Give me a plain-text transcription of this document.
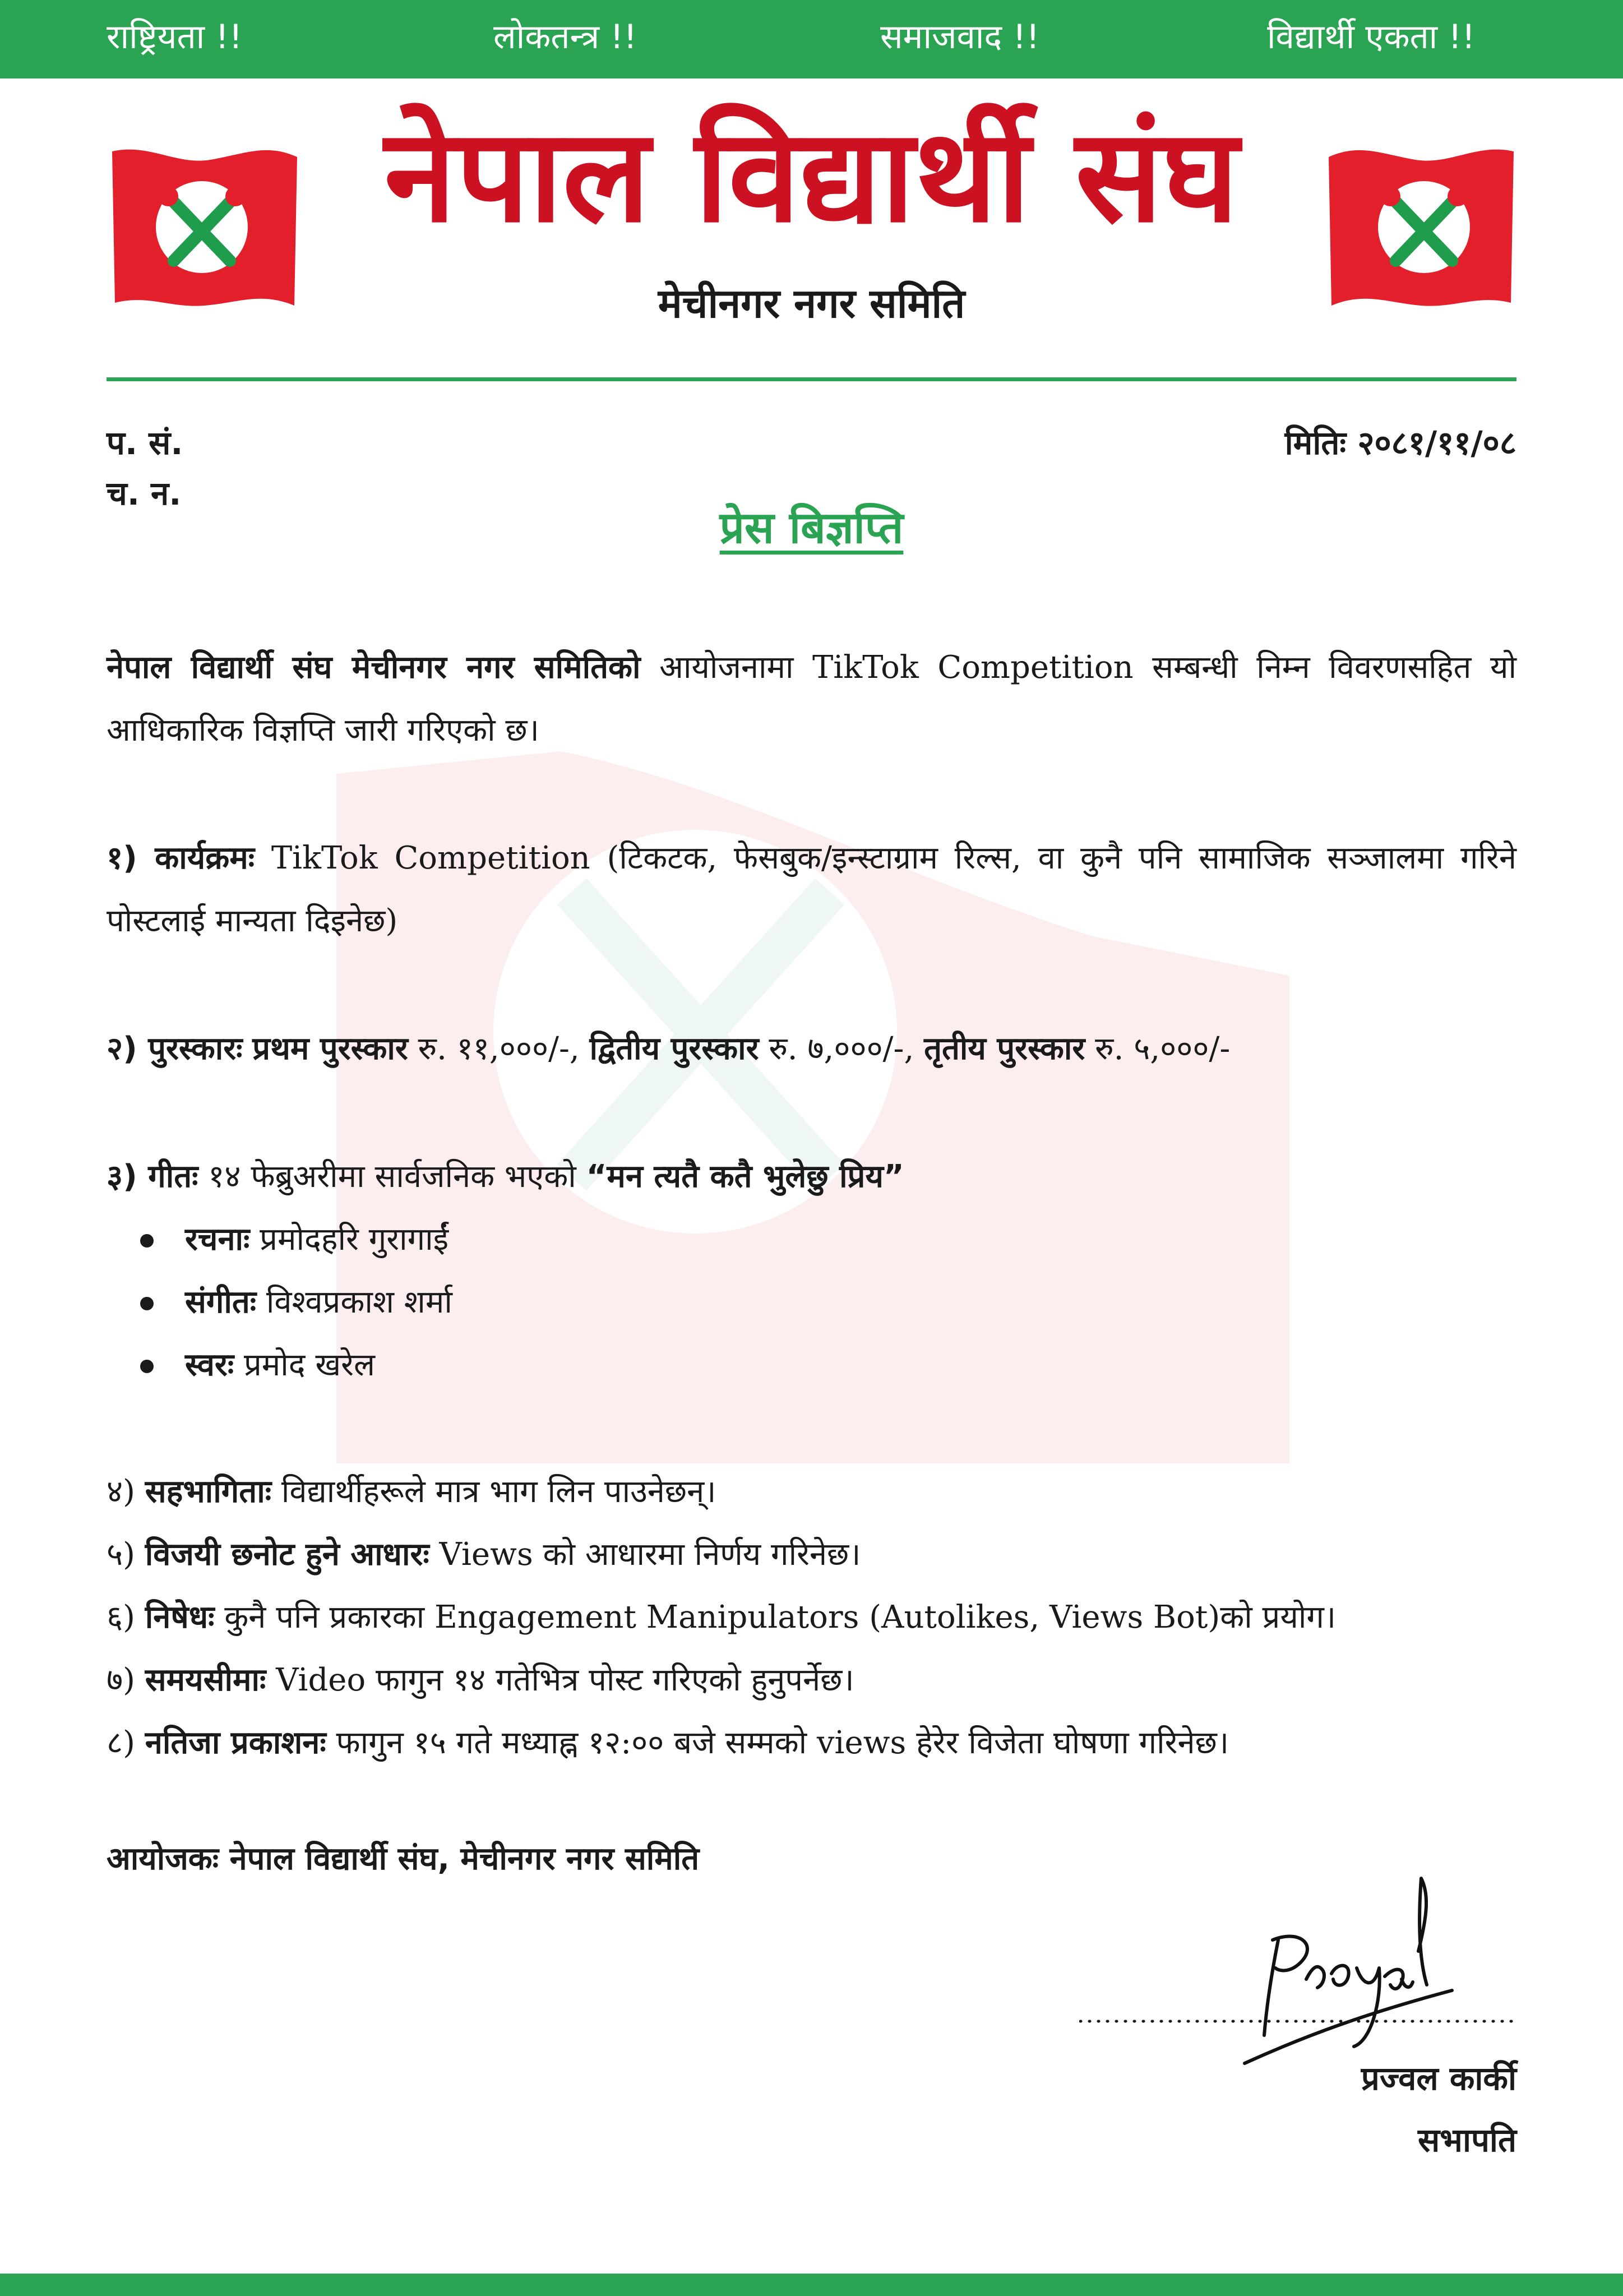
राष्ट्रियता !!	लोकतन्त्र !!	समाजवाद !!	विद्यार्थी एकता !!
नेपाल विद्यार्थी संघ
मेचीनगर नगर समिति
प. सं.
च. न.
मितिः २०८१/११/०८
प्रेस बिज्ञप्ति
नेपाल विद्यार्थी संघ मेचीनगर नगर समितिको आयोजनामा TikTok Competition सम्बन्धी निम्न विवरणसहित यो आधिकारिक विज्ञप्ति जारी गरिएको छ।
१) कार्यक्रमः TikTok Competition (टिकटक, फेसबुक/इन्स्टाग्राम रिल्स, वा कुनै पनि सामाजिक सञ्जालमा गरिने पोस्टलाई मान्यता दिइनेछ)
२) पुरस्कारः प्रथम पुरस्कार रु. ११,०००/-, द्वितीय पुरस्कार रु. ७,०००/-, तृतीय पुरस्कार रु. ५,०००/-
३) गीतः १४ फेब्रुअरीमा सार्वजनिक भएको “मन त्यतै कतै भुलेछु प्रिय”
रचनाः प्रमोदहरि गुरागाईं
संगीतः विश्वप्रकाश शर्मा
स्वरः प्रमोद खरेल
४) सहभागिताः विद्यार्थीहरूले मात्र भाग लिन पाउनेछन्।
५) विजयी छनोट हुने आधारः Views को आधारमा निर्णय गरिनेछ।
६) निषेधः कुनै पनि प्रकारका Engagement Manipulators (Autolikes, Views Bot)को प्रयोग।
७) समयसीमाः Video फागुन १४ गतेभित्र पोस्ट गरिएको हुनुपर्नेछ।
८) नतिजा प्रकाशनः फागुन १५ गते मध्याह्न १२:०० बजे सम्मको views हेरेर विजेता घोषणा गरिनेछ।
आयोजकः नेपाल विद्यार्थी संघ, मेचीनगर नगर समिति
प्रज्वल कार्की
सभापति
